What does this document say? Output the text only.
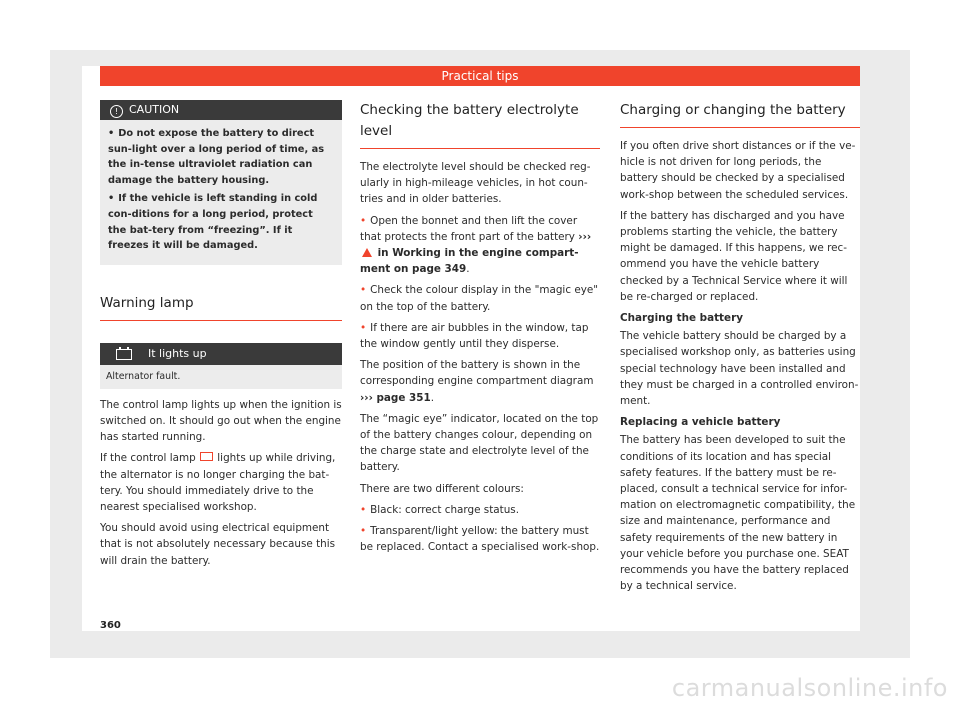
Practical tips
! CAUTION
• Do not expose the battery to direct sun-light over a long period of time, as the in-tense ultraviolet radiation can damage the battery housing.
• If the vehicle is left standing in cold con-ditions for a long period, protect the bat-tery from “freezing”. If it freezes it will be damaged.
Warning lamp
It lights up
Alternator fault.

The control lamp lights up when the ignition is switched on. It should go out when the engine has started running.

If the control lamp lights up while driving, the alternator is no longer charging the bat-tery. You should immediately drive to the nearest specialised workshop.

You should avoid using electrical equipment that is not absolutely necessary because this will drain the battery.

Checking the battery electrolyte level

The electrolyte level should be checked reg-ularly in high-mileage vehicles, in hot coun-tries and in older batteries.

• Open the bonnet and then lift the cover that protects the front part of the battery ›››  in Working in the engine compart-ment on page 349.

• Check the colour display in the "magic eye" on the top of the battery.

• If there are air bubbles in the window, tap the window gently until they disperse.

The position of the battery is shown in the corresponding engine compartment diagram ››› page 351.

The “magic eye” indicator, located on the top of the battery changes colour, depending on the charge state and electrolyte level of the battery.

There are two different colours:

• Black: correct charge status.

• Transparent/light yellow: the battery must be replaced. Contact a specialised work-shop.

Charging or changing the battery

If you often drive short distances or if the ve-hicle is not driven for long periods, the battery should be checked by a specialised work-shop between the scheduled services.

If the battery has discharged and you have problems starting the vehicle, the battery might be damaged. If this happens, we rec-ommend you have the vehicle battery checked by a Technical Service where it will be re-charged or replaced.

Charging the battery

The vehicle battery should be charged by a specialised workshop only, as batteries using special technology have been installed and they must be charged in a controlled environ-ment.

Replacing a vehicle battery

The battery has been developed to suit the conditions of its location and has special safety features. If the battery must be re-placed, consult a technical service for infor-mation on electromagnetic compatibility, the size and maintenance, performance and safety requirements of the new battery in your vehicle before you purchase one. SEAT recommends you have the battery replaced by a technical service.

360
carmanualsonline.info
